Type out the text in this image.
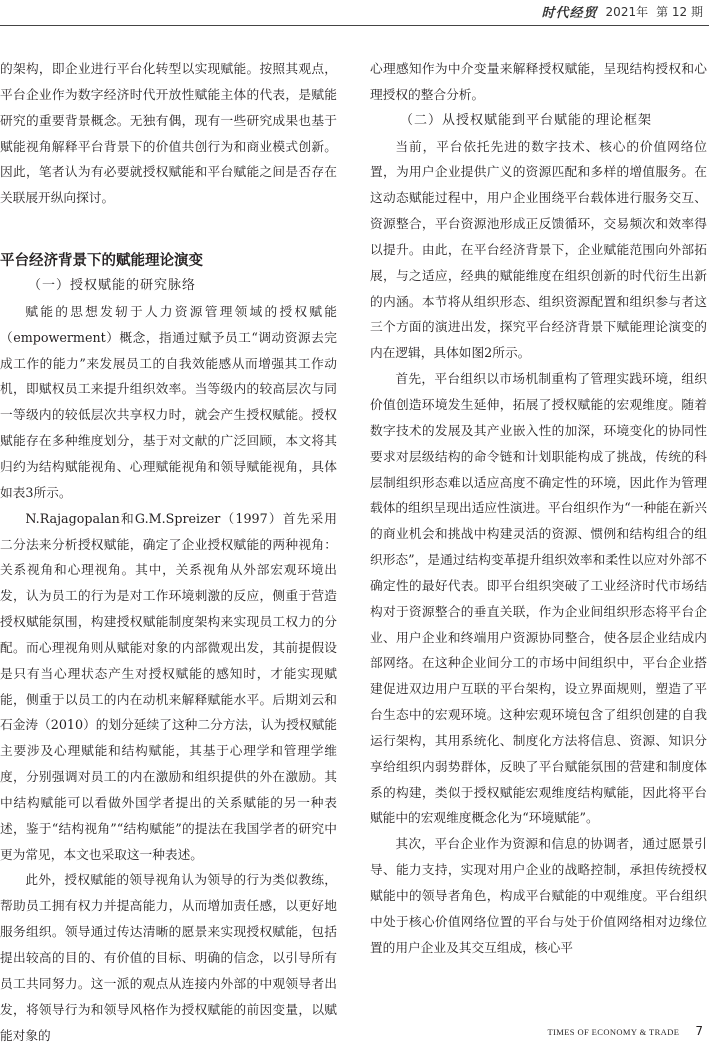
时代经贸 2021年 第 12 期

的架构，即企业进行平台化转型以实现赋能。按照其观点，平台企业作为数字经济时代开放性赋能主体的代表，是赋能研究的重要背景概念。无独有偶，现有一些研究成果也基于赋能视角解释平台背景下的价值共创行为和商业模式创新。因此，笔者认为有必要就授权赋能和平台赋能之间是否存在关联展开纵向探讨。

平台经济背景下的赋能理论演变

（一）授权赋能的研究脉络

赋能的思想发轫于人力资源管理领域的授权赋能（empowerment）概念，指通过赋予员工“调动资源去完成工作的能力”来发展员工的自我效能感从而增强其工作动机，即赋权员工来提升组织效率。当等级内的较高层次与同一等级内的较低层次共享权力时，就会产生授权赋能。授权赋能存在多种维度划分，基于对文献的广泛回顾，本文将其归约为结构赋能视角、心理赋能视角和领导赋能视角，具体如表3所示。

N.Rajagopalan和G.M.Spreizer（1997）首先采用二分法来分析授权赋能，确定了企业授权赋能的两种视角：关系视角和心理视角。其中，关系视角从外部宏观环境出发，认为员工的行为是对工作环境刺激的反应，侧重于营造授权赋能氛围，构建授权赋能制度架构来实现员工权力的分配。而心理视角则从赋能对象的内部微观出发，其前提假设是只有当心理状态产生对授权赋能的感知时，才能实现赋能，侧重于以员工的内在动机来解释赋能水平。后期刘云和石金涛（2010）的划分延续了这种二分方法，认为授权赋能主要涉及心理赋能和结构赋能，其基于心理学和管理学维度，分别强调对员工的内在激励和组织提供的外在激励。其中结构赋能可以看做外国学者提出的关系赋能的另一种表述，鉴于“结构视角”“结构赋能”的提法在我国学者的研究中更为常见，本文也采取这一种表述。

此外，授权赋能的领导视角认为领导的行为类似教练，帮助员工拥有权力并提高能力，从而增加责任感，以更好地服务组织。领导通过传达清晰的愿景来实现授权赋能，包括提出较高的目的、有价值的目标、明确的信念，以引导所有员工共同努力。这一派的观点从连接内外部的中观领导者出发，将领导行为和领导风格作为授权赋能的前因变量，以赋能对象的

心理感知作为中介变量来解释授权赋能，呈现结构授权和心理授权的整合分析。

（二）从授权赋能到平台赋能的理论框架

当前，平台依托先进的数字技术、核心的价值网络位置，为用户企业提供广义的资源匹配和多样的增值服务。在这动态赋能过程中，用户企业围绕平台载体进行服务交互、资源整合，平台资源池形成正反馈循环，交易频次和效率得以提升。由此，在平台经济背景下，企业赋能范围向外部拓展，与之适应，经典的赋能维度在组织创新的时代衍生出新的内涵。本节将从组织形态、组织资源配置和组织参与者这三个方面的演进出发，探究平台经济背景下赋能理论演变的内在逻辑，具体如图2所示。

首先，平台组织以市场机制重构了管理实践环境，组织价值创造环境发生延伸，拓展了授权赋能的宏观维度。随着数字技术的发展及其产业嵌入性的加深，环境变化的协同性要求对层级结构的命令链和计划职能构成了挑战，传统的科层制组织形态难以适应高度不确定性的环境，因此作为管理载体的组织呈现出适应性演进。平台组织作为“一种能在新兴的商业机会和挑战中构建灵活的资源、惯例和结构组合的组织形态”，是通过结构变革提升组织效率和柔性以应对外部不确定性的最好代表。即平台组织突破了工业经济时代市场结构对于资源整合的垂直关联，作为企业间组织形态将平台企业、用户企业和终端用户资源协同整合，使各层企业结成内部网络。在这种企业间分工的市场中间组织中，平台企业搭建促进双边用户互联的平台架构，设立界面规则，塑造了平台生态中的宏观环境。这种宏观环境包含了组织创建的自我运行架构，其用系统化、制度化方法将信息、资源、知识分享给组织内弱势群体，反映了平台赋能氛围的营建和制度体系的构建，类似于授权赋能宏观维度结构赋能，因此将平台赋能中的宏观维度概念化为“环境赋能”。

其次，平台企业作为资源和信息的协调者，通过愿景引导、能力支持，实现对用户企业的战略控制，承担传统授权赋能中的领导者角色，构成平台赋能的中观维度。平台组织中处于核心价值网络位置的平台与处于价值网络相对边缘位置的用户企业及其交互组成，核心平

TIMES OF ECONOMY & TRADE 7
